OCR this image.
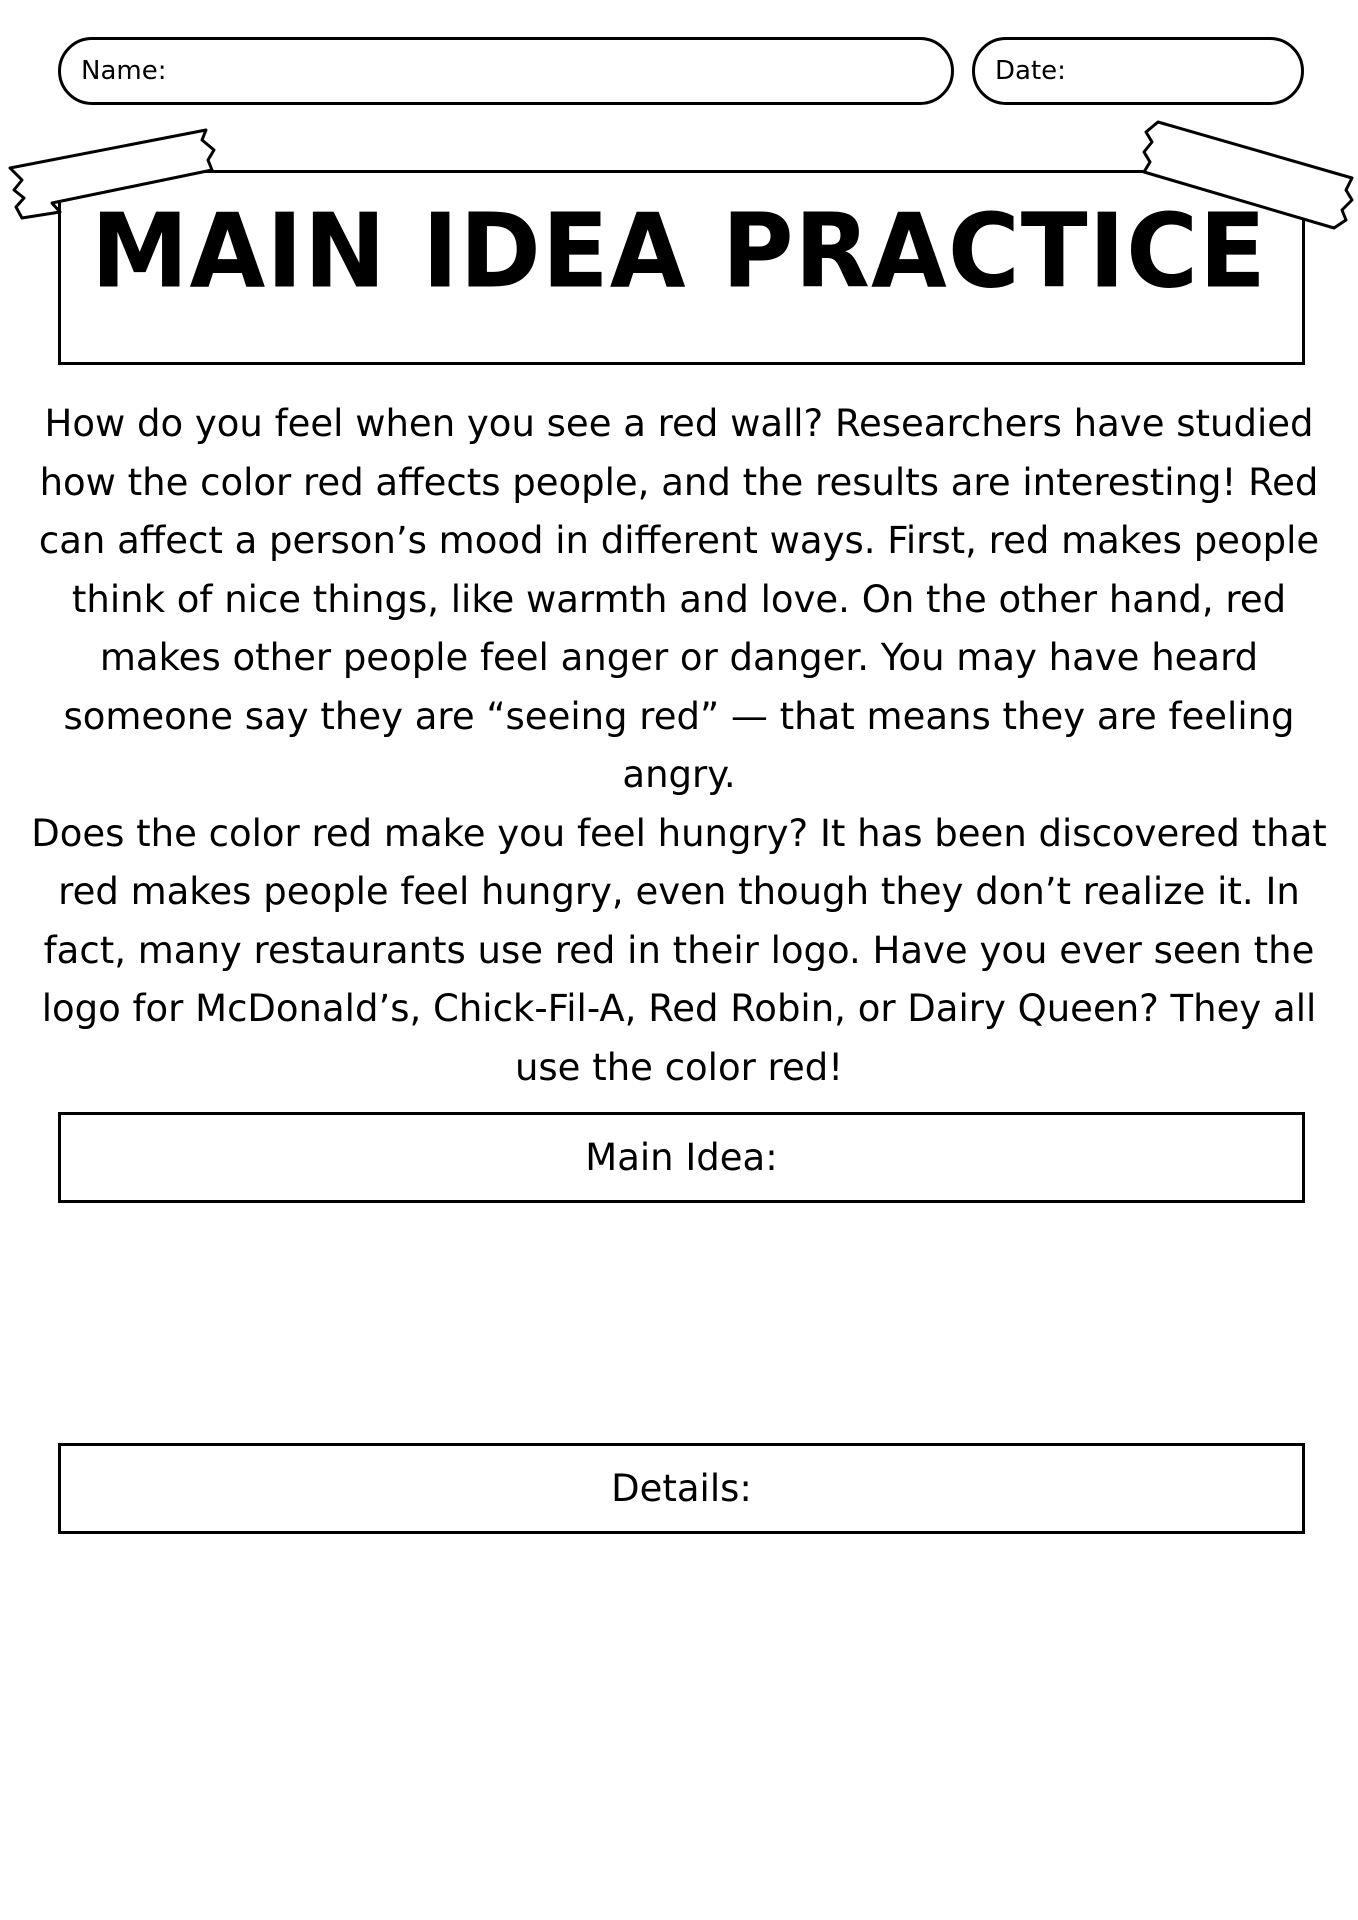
Name:	Date:
MAIN IDEA PRACTICE

How do you feel when you see a red wall? Researchers have studied how the color red affects people, and the results are interesting! Red can affect a person’s mood in different ways. First, red makes people think of nice things, like warmth and love. On the other hand, red makes other people feel anger or danger. You may have heard someone say they are “seeing red” — that means they are feeling angry.

Does the color red make you feel hungry? It has been discovered that red makes people feel hungry, even though they don’t realize it. In fact, many restaurants use red in their logo. Have you ever seen the logo for McDonald’s, Chick-Fil-A, Red Robin, or Dairy Queen? They all use the color red!

Main Idea:
Details:
